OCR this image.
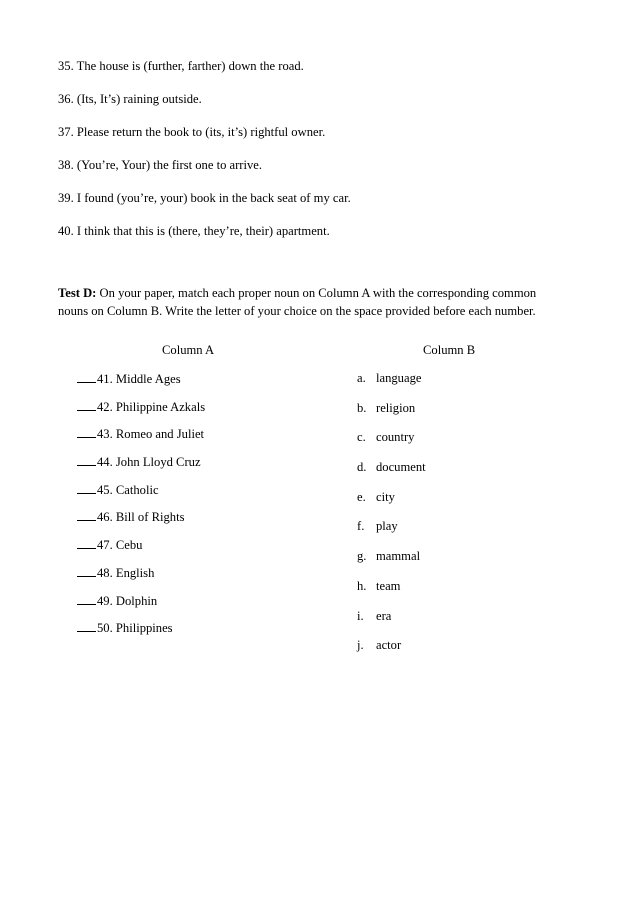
35. The house is (further, farther) down the road.
36. (Its, It’s) raining outside.
37. Please return the book to (its, it’s) rightful owner.
38. (You’re, Your) the first one to arrive.
39. I found (you’re, your) book in the back seat of my car.
40. I think that this is (there, they’re, their) apartment.
Test D: On your paper, match each proper noun on Column A with the corresponding common nouns on Column B. Write the letter of your choice on the space provided before each number.
Column A	Column B
41. Middle Ages
42. Philippine Azkals
43. Romeo and Juliet
44. John Lloyd Cruz
45. Catholic
46. Bill of Rights
47. Cebu
48. English
49. Dolphin
50. Philippines
a. language
b. religion
c. country
d. document
e. city
f. play
g. mammal
h. team
i. era
j. actor
